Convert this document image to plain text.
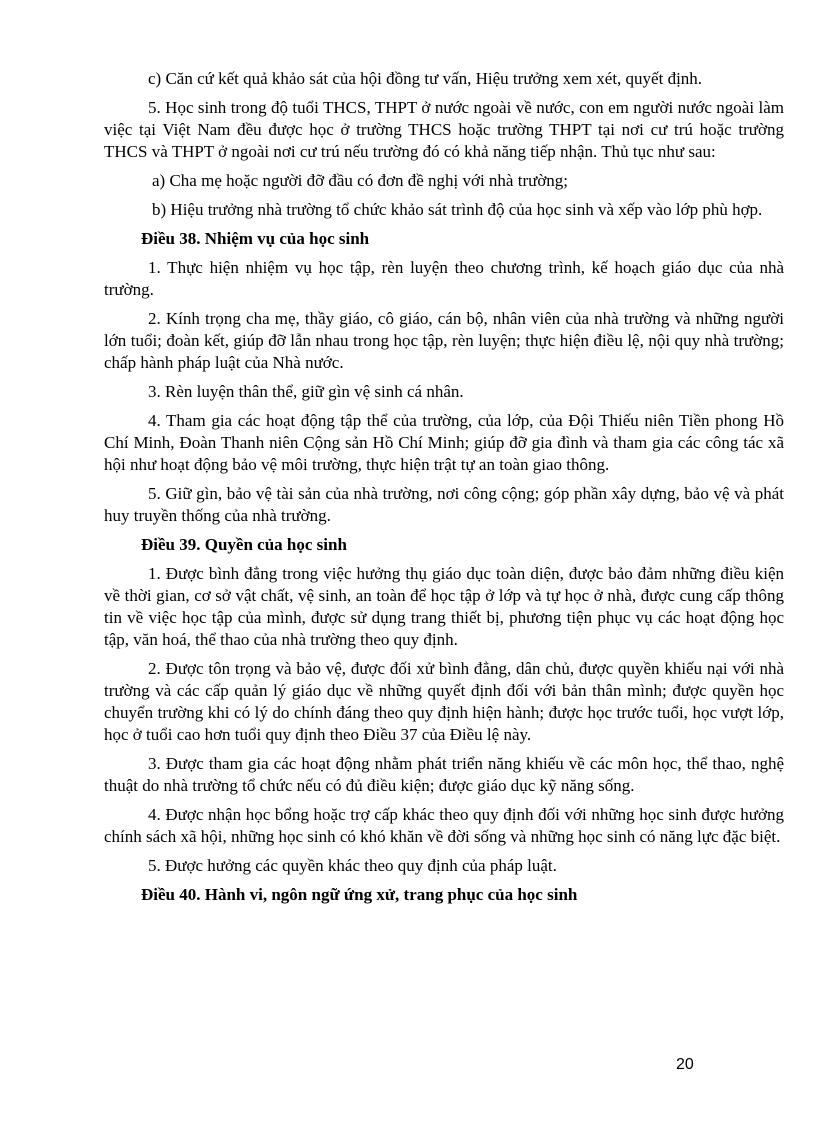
c) Căn cứ kết quả khảo sát của hội đồng tư vấn, Hiệu trưởng xem xét, quyết định.

5. Học sinh trong độ tuổi THCS, THPT ở nước ngoài về nước, con em người nước ngoài làm việc tại Việt Nam đều được học ở trường THCS hoặc trường THPT tại nơi cư trú hoặc trường THCS và THPT ở ngoài nơi cư trú nếu trường đó có khả năng tiếp nhận. Thủ tục như sau:

a) Cha mẹ hoặc người đỡ đầu có đơn đề nghị với nhà trường;

b) Hiệu trưởng nhà trường tổ chức khảo sát trình độ của học sinh và xếp vào lớp phù hợp.

Điều 38. Nhiệm vụ của học sinh

1. Thực hiện nhiệm vụ học tập, rèn luyện theo chương trình, kế hoạch giáo dục của nhà trường.

2. Kính trọng cha mẹ, thầy giáo, cô giáo, cán bộ, nhân viên của nhà trường và những người lớn tuổi; đoàn kết, giúp đỡ lẫn nhau trong học tập, rèn luyện; thực hiện điều lệ, nội quy nhà trường; chấp hành pháp luật của Nhà nước.

3. Rèn luyện thân thể, giữ gìn vệ sinh cá nhân.

4. Tham gia các hoạt động tập thể của trường, của lớp, của Đội Thiếu niên Tiền phong Hồ Chí Minh, Đoàn Thanh niên Cộng sản Hồ Chí Minh; giúp đỡ gia đình và tham gia các công tác xã hội như hoạt động bảo vệ môi trường, thực hiện trật tự an toàn giao thông.

5. Giữ gìn, bảo vệ tài sản của nhà trường, nơi công cộng; góp phần xây dựng, bảo vệ và phát huy truyền thống của nhà trường.

Điều 39. Quyền của học sinh

1. Được bình đẳng trong việc hưởng thụ giáo dục toàn diện, được bảo đảm những điều kiện về thời gian, cơ sở vật chất, vệ sinh, an toàn để học tập ở lớp và tự học ở nhà, được cung cấp thông tin về việc học tập của mình, được sử dụng trang thiết bị, phương tiện phục vụ các hoạt động học tập, văn hoá, thể thao của nhà trường theo quy định.

2. Được tôn trọng và bảo vệ, được đối xử bình đẳng, dân chủ, được quyền khiếu nại với nhà trường và các cấp quản lý giáo dục về những quyết định đối với bản thân mình; được quyền học chuyển trường khi có lý do chính đáng theo quy định hiện hành; được học trước tuổi, học vượt lớp, học ở tuổi cao hơn tuổi quy định theo Điều 37 của Điều lệ này.

3. Được tham gia các hoạt động nhằm phát triển năng khiếu về các môn học, thể thao, nghệ thuật do nhà trường tổ chức nếu có đủ điều kiện; được giáo dục kỹ năng sống.

4. Được nhận học bổng hoặc trợ cấp khác theo quy định đối với những học sinh được hưởng chính sách xã hội, những học sinh có khó khăn về đời sống và những học sinh có năng lực đặc biệt.

5. Được hưởng các quyền khác theo quy định của pháp luật.

Điều 40. Hành vi, ngôn ngữ ứng xử, trang phục của học sinh

20
